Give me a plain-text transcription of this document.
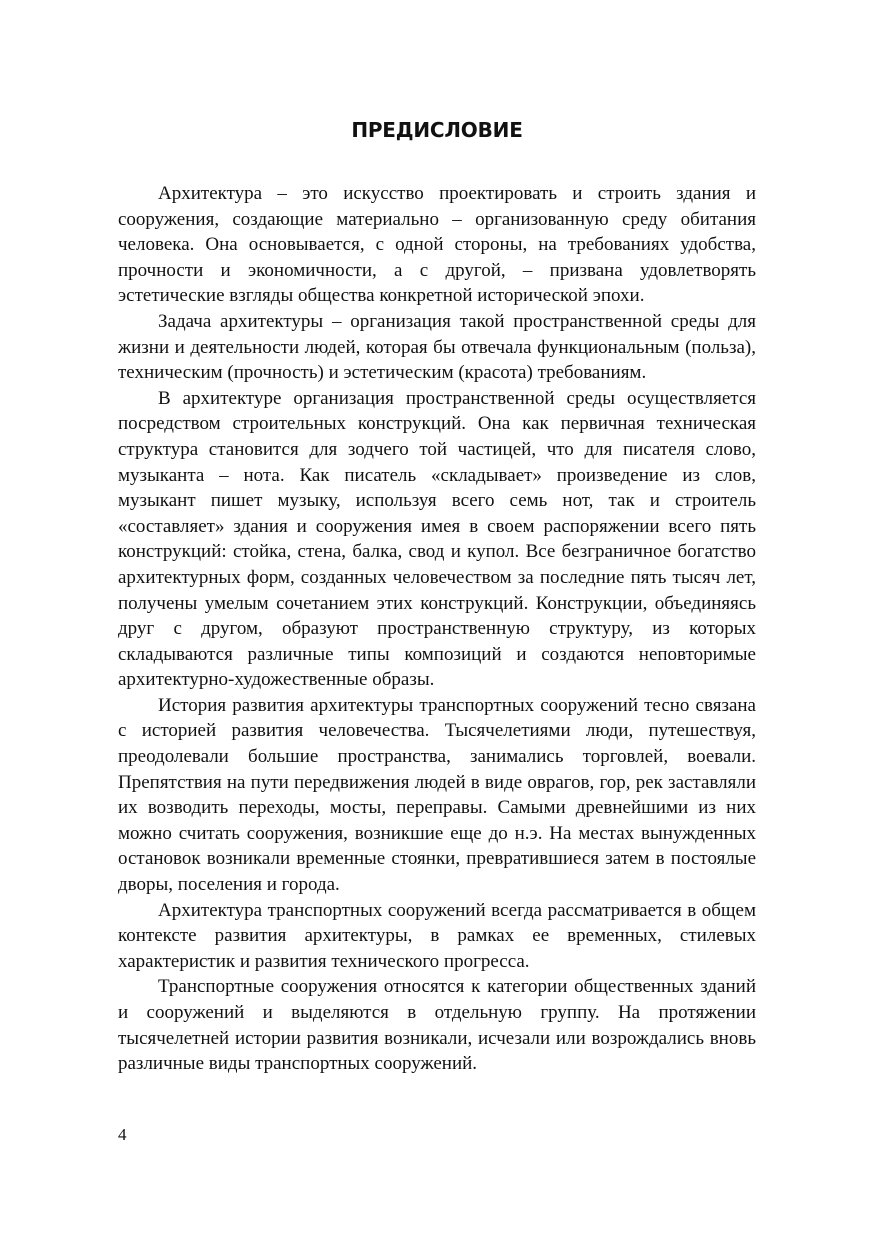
ПРЕДИСЛОВИЕ

Архитектура – это искусство проектировать и строить здания и сооружения, создающие материально – организованную среду обитания человека. Она основывается, с одной стороны, на требованиях удобства, прочности и экономичности, а с другой, – призвана удовлетворять эстетические взгляды общества конкретной исторической эпохи.

Задача архитектуры – организация такой пространственной среды для жизни и деятельности людей, которая бы отвечала функциональным (польза), техническим (прочность) и эстетическим (красота) требованиям.

В архитектуре организация пространственной среды осуществляется посредством строительных конструкций. Она как первичная техническая структура становится для зодчего той частицей, что для писателя слово, музыканта – нота. Как писатель «складывает» произведение из слов, музыкант пишет музыку, используя всего семь нот, так и строитель «составляет» здания и сооружения имея в своем распоряжении всего пять конструкций: стойка, стена, балка, свод и купол. Все безграничное богатство архитектурных форм, созданных человечеством за последние пять тысяч лет, получены умелым сочетанием этих конструкций. Конструкции, объединяясь друг с другом, образуют пространственную структуру, из которых складываются различные типы композиций и создаются неповторимые архитектурно-художественные образы.

История развития архитектуры транспортных сооружений тесно связана с историей развития человечества. Тысячелетиями люди, путешествуя, преодолевали большие пространства, занимались торговлей, воевали. Препятствия на пути передвижения людей в виде оврагов, гор, рек заставляли их возводить переходы, мосты, переправы. Самыми древнейшими из них можно считать сооружения, возникшие еще до н.э. На местах вынужденных остановок возникали временные стоянки, превратившиеся затем в постоялые дворы, поселения и города.

Архитектура транспортных сооружений всегда рассматривается в общем контексте развития архитектуры, в рамках ее временных, стилевых характеристик и развития технического прогресса.

Транспортные сооружения относятся к категории общественных зданий и сооружений и выделяются в отдельную группу. На протяжении тысячелетней истории развития возникали, исчезали или возрождались вновь различные виды транспортных сооружений.

4
